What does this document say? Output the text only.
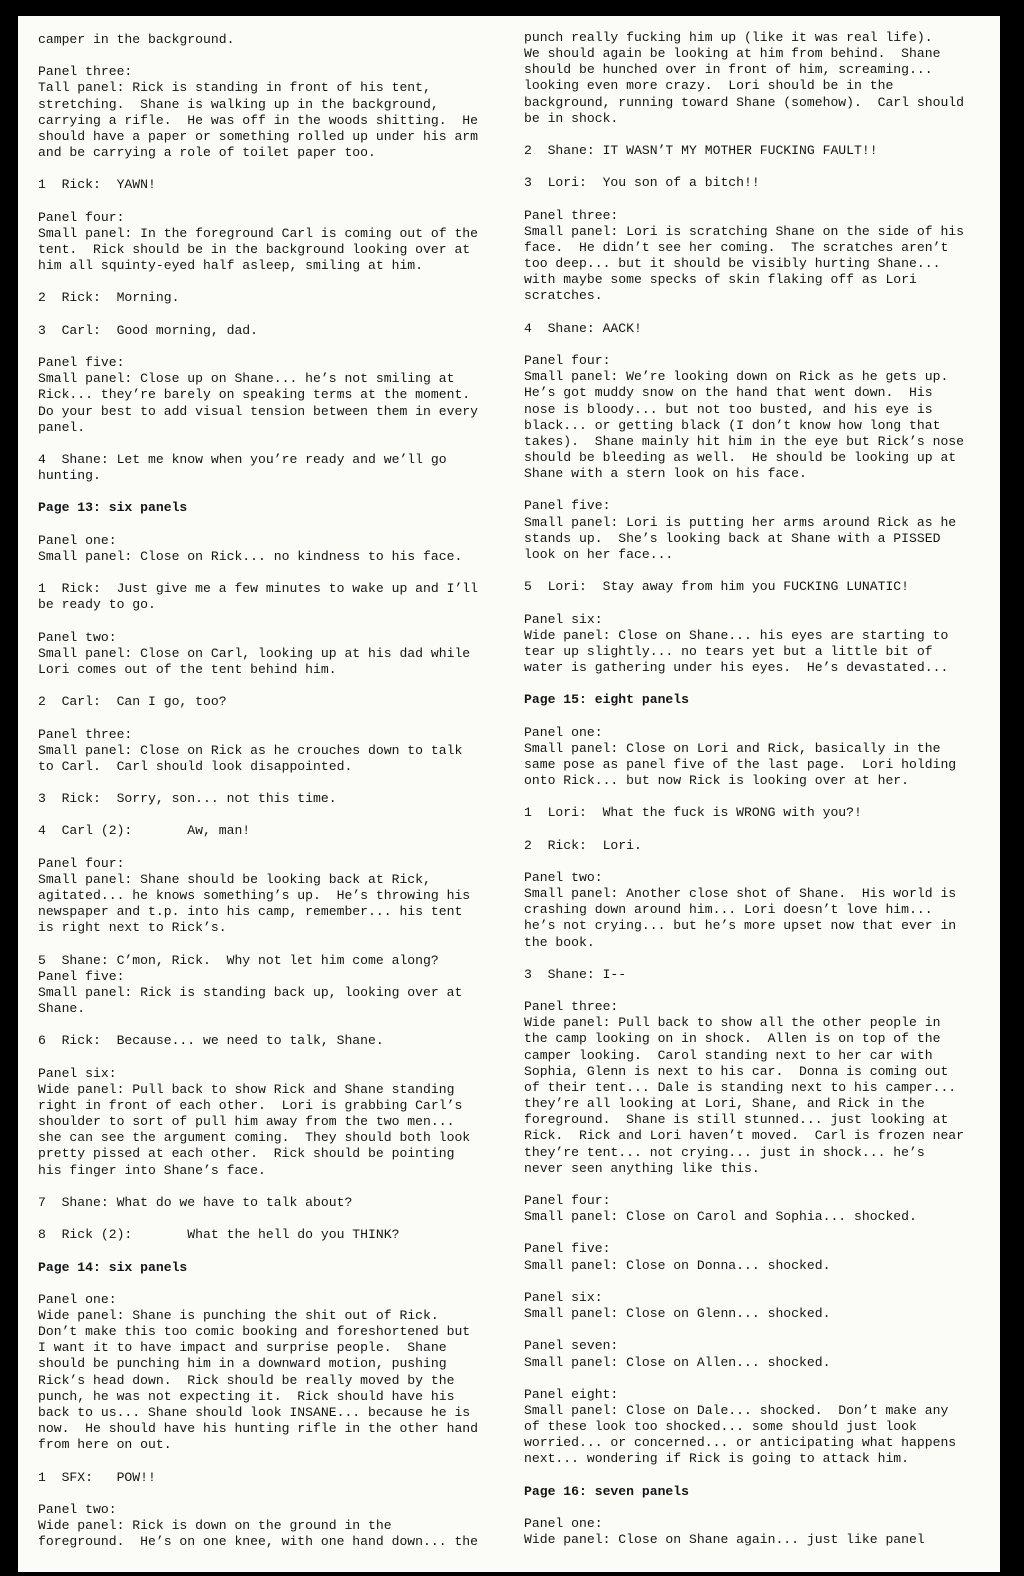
camper in the background.
Panel three:
Tall panel: Rick is standing in front of his tent,
stretching.  Shane is walking up in the background,
carrying a rifle.  He was off in the woods shitting.  He
should have a paper or something rolled up under his arm
and be carrying a role of toilet paper too.
1  Rick:  YAWN!
Panel four:
Small panel: In the foreground Carl is coming out of the
tent.  Rick should be in the background looking over at
him all squinty-eyed half asleep, smiling at him.
2  Rick:  Morning.
3  Carl:  Good morning, dad.
Panel five:
Small panel: Close up on Shane... he’s not smiling at
Rick... they’re barely on speaking terms at the moment.
Do your best to add visual tension between them in every
panel.
4  Shane: Let me know when you’re ready and we’ll go
hunting.
Page 13: six panels
Panel one:
Small panel: Close on Rick... no kindness to his face.
1  Rick:  Just give me a few minutes to wake up and I’ll
be ready to go.
Panel two:
Small panel: Close on Carl, looking up at his dad while
Lori comes out of the tent behind him.
2  Carl:  Can I go, too?
Panel three:
Small panel: Close on Rick as he crouches down to talk
to Carl.  Carl should look disappointed.
3  Rick:  Sorry, son... not this time.
4  Carl (2):       Aw, man!
Panel four:
Small panel: Shane should be looking back at Rick,
agitated... he knows something’s up.  He’s throwing his
newspaper and t.p. into his camp, remember... his tent
is right next to Rick’s.
5  Shane: C’mon, Rick.  Why not let him come along?
Panel five:
Small panel: Rick is standing back up, looking over at
Shane.
6  Rick:  Because... we need to talk, Shane.
Panel six:
Wide panel: Pull back to show Rick and Shane standing
right in front of each other.  Lori is grabbing Carl’s
shoulder to sort of pull him away from the two men...
she can see the argument coming.  They should both look
pretty pissed at each other.  Rick should be pointing
his finger into Shane’s face.
7  Shane: What do we have to talk about?
8  Rick (2):       What the hell do you THINK?
Page 14: six panels
Panel one:
Wide panel: Shane is punching the shit out of Rick.
Don’t make this too comic booking and foreshortened but
I want it to have impact and surprise people.  Shane
should be punching him in a downward motion, pushing
Rick’s head down.  Rick should be really moved by the
punch, he was not expecting it.  Rick should have his
back to us... Shane should look INSANE... because he is
now.  He should have his hunting rifle in the other hand
from here on out.
1  SFX:   POW!!
Panel two:
Wide panel: Rick is down on the ground in the
foreground.  He’s on one knee, with one hand down... the
punch really fucking him up (like it was real life).
We should again be looking at him from behind.  Shane
should be hunched over in front of him, screaming...
looking even more crazy.  Lori should be in the
background, running toward Shane (somehow).  Carl should
be in shock.
2  Shane: IT WASN’T MY MOTHER FUCKING FAULT!!
3  Lori:  You son of a bitch!!
Panel three:
Small panel: Lori is scratching Shane on the side of his
face.  He didn’t see her coming.  The scratches aren’t
too deep... but it should be visibly hurting Shane...
with maybe some specks of skin flaking off as Lori
scratches.
4  Shane: AACK!
Panel four:
Small panel: We’re looking down on Rick as he gets up.
He’s got muddy snow on the hand that went down.  His
nose is bloody... but not too busted, and his eye is
black... or getting black (I don’t know how long that
takes).  Shane mainly hit him in the eye but Rick’s nose
should be bleeding as well.  He should be looking up at
Shane with a stern look on his face.
Panel five:
Small panel: Lori is putting her arms around Rick as he
stands up.  She’s looking back at Shane with a PISSED
look on her face...
5  Lori:  Stay away from him you FUCKING LUNATIC!
Panel six:
Wide panel: Close on Shane... his eyes are starting to
tear up slightly... no tears yet but a little bit of
water is gathering under his eyes.  He’s devastated...
Page 15: eight panels
Panel one:
Small panel: Close on Lori and Rick, basically in the
same pose as panel five of the last page.  Lori holding
onto Rick... but now Rick is looking over at her.
1  Lori:  What the fuck is WRONG with you?!
2  Rick:  Lori.
Panel two:
Small panel: Another close shot of Shane.  His world is
crashing down around him... Lori doesn’t love him...
he’s not crying... but he’s more upset now that ever in
the book.
3  Shane: I--
Panel three:
Wide panel: Pull back to show all the other people in
the camp looking on in shock.  Allen is on top of the
camper looking.  Carol standing next to her car with
Sophia, Glenn is next to his car.  Donna is coming out
of their tent... Dale is standing next to his camper...
they’re all looking at Lori, Shane, and Rick in the
foreground.  Shane is still stunned... just looking at
Rick.  Rick and Lori haven’t moved.  Carl is frozen near
they’re tent... not crying... just in shock... he’s
never seen anything like this.
Panel four:
Small panel: Close on Carol and Sophia... shocked.
Panel five:
Small panel: Close on Donna... shocked.
Panel six:
Small panel: Close on Glenn... shocked.
Panel seven:
Small panel: Close on Allen... shocked.
Panel eight:
Small panel: Close on Dale... shocked.  Don’t make any
of these look too shocked... some should just look
worried... or concerned... or anticipating what happens
next... wondering if Rick is going to attack him.
Page 16: seven panels
Panel one:
Wide panel: Close on Shane again... just like panel
